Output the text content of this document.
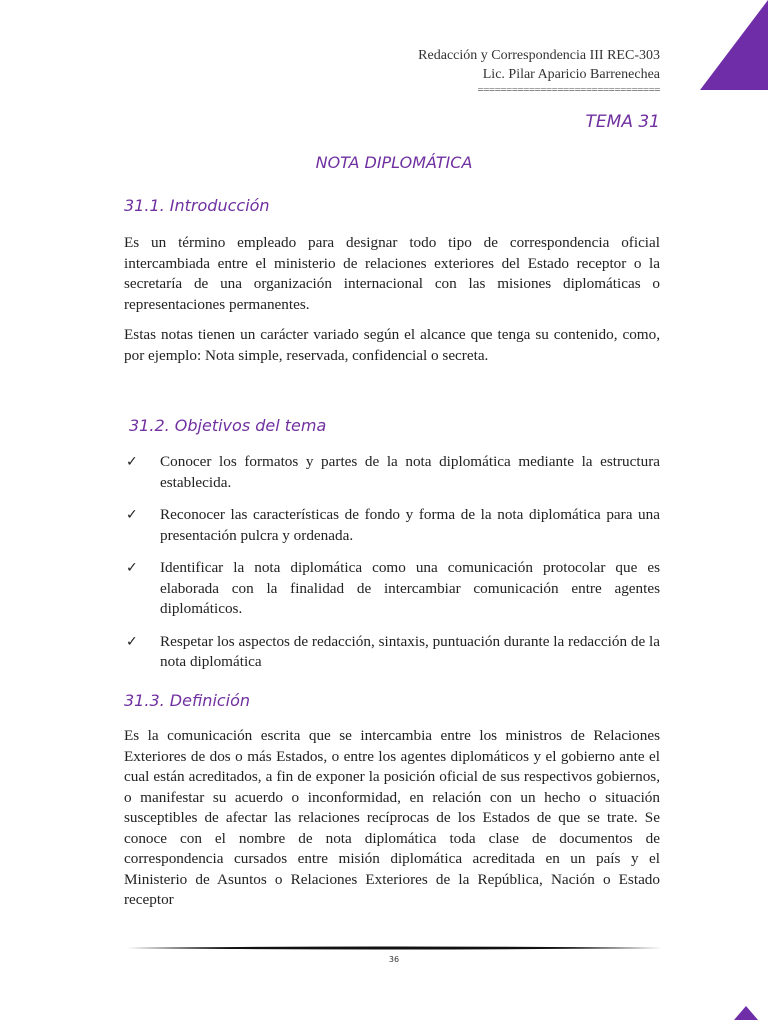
Redacción y Correspondencia III REC-303
Lic. Pilar Aparicio Barrenechea
================================
TEMA 31
NOTA DIPLOMÁTICA
31.1. Introducción
Es un término empleado para designar todo tipo de correspondencia oficial intercambiada entre el ministerio de relaciones exteriores del Estado receptor o la secretaría de una organización internacional con las misiones diplomáticas o representaciones permanentes.
Estas notas tienen un carácter variado según el alcance que tenga su contenido, como, por ejemplo: Nota simple, reservada, confidencial o secreta.
31.2. Objetivos del tema
✓ Conocer los formatos y partes de la nota diplomática mediante la estructura establecida.
✓ Reconocer las características de fondo y forma de la nota diplomática para una presentación pulcra y ordenada.
✓ Identificar la nota diplomática como una comunicación protocolar que es elaborada con la finalidad de intercambiar comunicación entre agentes diplomáticos.
✓ Respetar los aspectos de redacción, sintaxis, puntuación durante la redacción de la nota diplomática
31.3. Definición
Es la comunicación escrita que se intercambia entre los ministros de Relaciones Exteriores de dos o más Estados, o entre los agentes diplomáticos y el gobierno ante el cual están acreditados, a fin de exponer la posición oficial de sus respectivos gobiernos, o manifestar su acuerdo o inconformidad, en relación con un hecho o situación susceptibles de afectar las relaciones recíprocas de los Estados de que se trate. Se conoce con el nombre de nota diplomática toda clase de documentos de correspondencia cursados entre misión diplomática acreditada en un país y el Ministerio de Asuntos o Relaciones Exteriores de la República, Nación o Estado receptor
36
